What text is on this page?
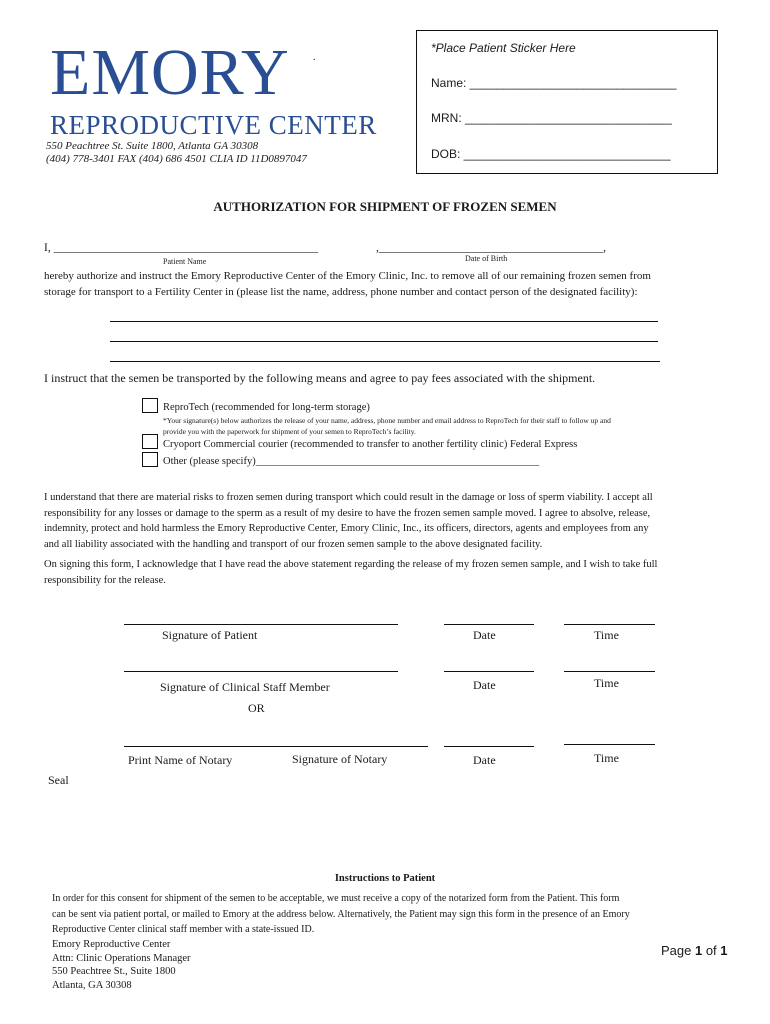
EMORY .
REPRODUCTIVE CENTER
550 Peachtree St. Suite 1800, Atlanta GA 30308
(404) 778-3401 FAX (404) 686 4501 CLIA ID 11D0897047
*Place Patient Sticker Here
Name: _______________________________
MRN: _______________________________
DOB: _______________________________
AUTHORIZATION FOR SHIPMENT OF FROZEN SEMEN
I, ______________________________________________	,_______________________________________,
Patient Name	Date of Birth
hereby authorize and instruct the Emory Reproductive Center of the Emory Clinic, Inc. to remove all of our remaining frozen semen from
storage for transport to a Fertility Center in (please list the name, address, phone number and contact person of the designated facility):
I instruct that the semen be transported by the following means and agree to pay fees associated with the shipment.
ReproTech (recommended for long-term storage)
*Your signature(s) below authorizes the release of your name, address, phone number and email address to ReproTech for their staff to follow up and
provide you with the paperwork for shipment of your semen to ReproTech’s facility.
Cryoport Commercial courier (recommended to transfer to another fertility clinic) Federal Express
Other (please specify)______________________________________________________
I understand that there are material risks to frozen semen during transport which could result in the damage or loss of sperm viability. I accept all
responsibility for any losses or damage to the sperm as a result of my desire to have the frozen semen sample moved. I agree to absolve, release,
indemnity, protect and hold harmless the Emory Reproductive Center, Emory Clinic, Inc., its officers, directors, agents and employees from any
and all liability associated with the handling and transport of our frozen semen sample to the above designated facility.
On signing this form, I acknowledge that I have read the above statement regarding the release of my frozen semen sample, and I wish to take full
responsibility for the release.
Signature of Patient	Date	Time
Signature of Clinical Staff Member	Date	Time
OR
Print Name of Notary	Signature of Notary	Date	Time
Seal
Instructions to Patient
In order for this consent for shipment of the semen to be acceptable, we must receive a copy of the notarized form from the Patient. This form
can be sent via patient portal, or mailed to Emory at the address below. Alternatively, the Patient may sign this form in the presence of an Emory
Reproductive Center clinical staff member with a state-issued ID.
Emory Reproductive Center
Attn: Clinic Operations Manager
550 Peachtree St., Suite 1800
Atlanta, GA 30308
Page 1 of 1
